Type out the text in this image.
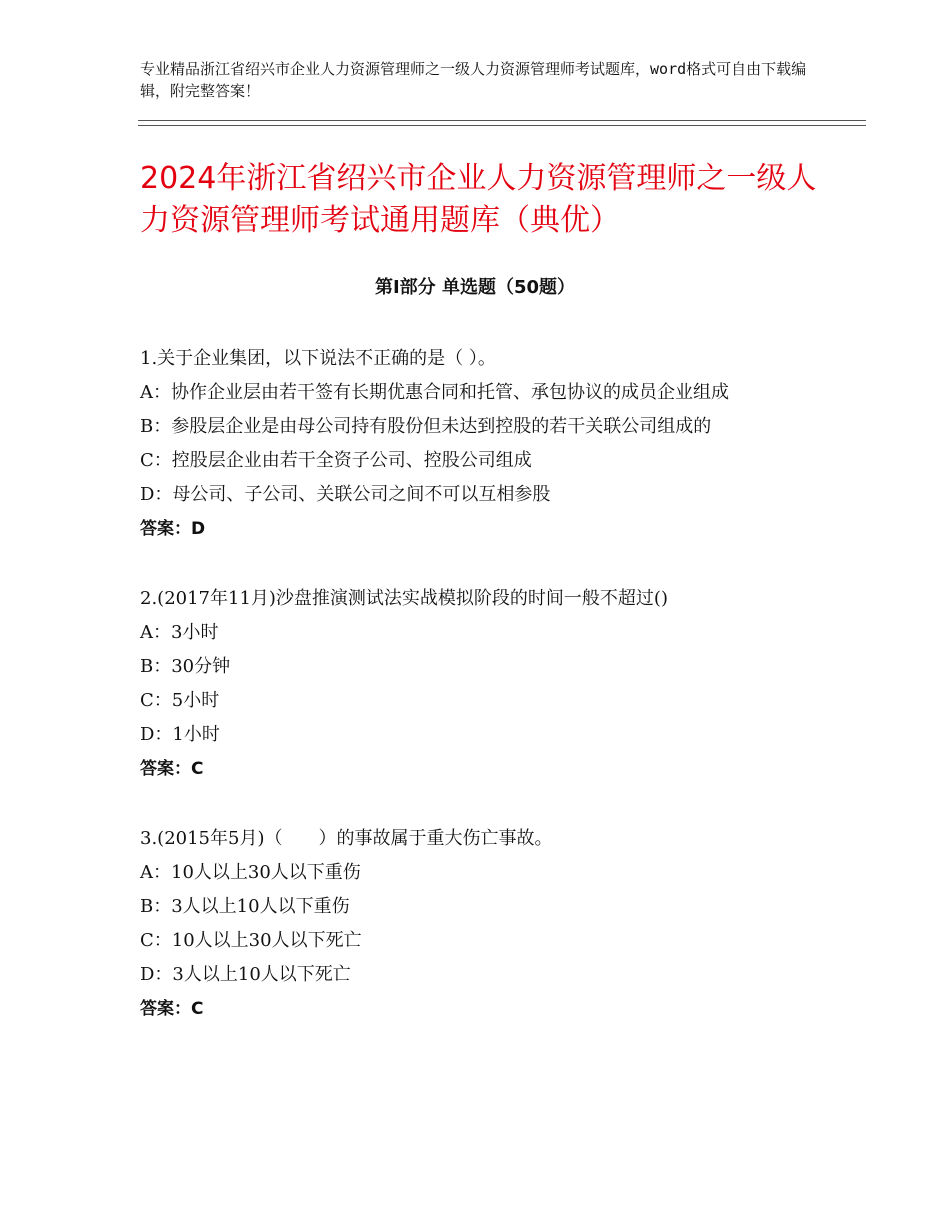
专业精品浙江省绍兴市企业人力资源管理师之一级人力资源管理师考试题库，word格式可自由下载编辑，附完整答案！
2024年浙江省绍兴市企业人力资源管理师之一级人力资源管理师考试通用题库（典优）
第Ⅰ部分 单选题（50题）
1.关于企业集团，以下说法不正确的是（ ）。
A：协作企业层由若干签有长期优惠合同和托管、承包协议的成员企业组成
B：参股层企业是由母公司持有股份但未达到控股的若干关联公司组成的
C：控股层企业由若干全资子公司、控股公司组成
D：母公司、子公司、关联公司之间不可以互相参股
答案：D
2.(2017年11月)沙盘推演测试法实战模拟阶段的时间一般不超过()
A：3小时
B：30分钟
C：5小时
D：1小时
答案：C
3.(2015年5月)（　　）的事故属于重大伤亡事故。
A：10人以上30人以下重伤
B：3人以上10人以下重伤
C：10人以上30人以下死亡
D：3人以上10人以下死亡
答案：C
